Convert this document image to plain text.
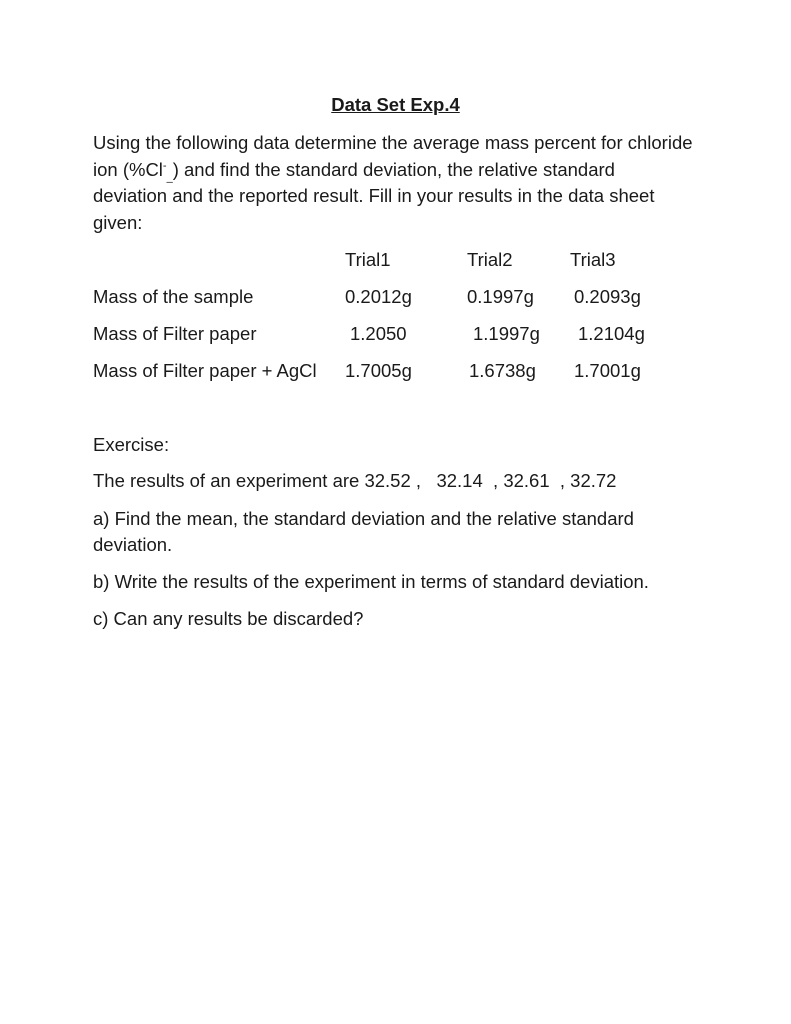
Data Set Exp.4
Using the following data determine the average mass percent for chloride ion $(\%Cl^-_{\_})$ and find the standard deviation, the relative standard deviation and the reported result. Fill in your results in the data sheet given:
Trial1	Trial2	Trial3
Mass of the sample	0.2012g	0.1997g 0.2093g
Mass of Filter paper	1.2050	1.1997g 1.2104g
Mass of Filter paper + AgCl 1.7005g	1.6738g 1.7001g
Exercise:
The results of an experiment are 32.52 ,   32.14  , 32.61  , 32.72
a) Find the mean, the standard deviation and the relative standard deviation.
b) Write the results of the experiment in terms of standard deviation.
c) Can any results be discarded?
